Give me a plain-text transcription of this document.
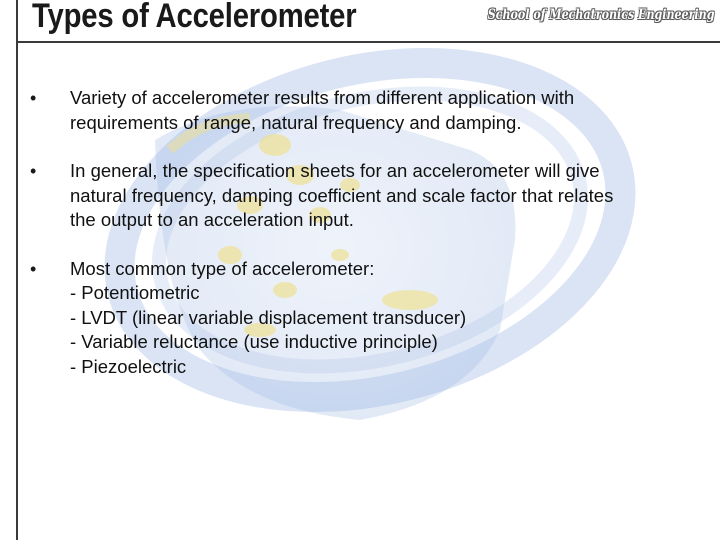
Types of Accelerometer	School of Mechatronics Engineering
•	Variety of accelerometer results from different application with
requirements of range, natural frequency and damping.
•	In general, the specification sheets for an accelerometer will give
natural frequency, damping coefficient and scale factor that relates
the output to an acceleration input.
•	Most common type of accelerometer:
- Potentiometric
- LVDT (linear variable displacement transducer)
- Variable reluctance (use inductive principle)
- Piezoelectric
